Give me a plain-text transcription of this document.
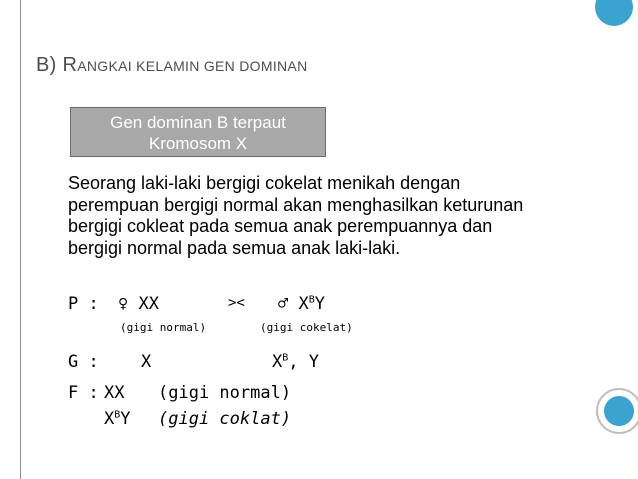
B) RANGKAI KELAMIN GEN DOMINAN
Gen dominan B terpaut
Kromosom X
Seorang laki-laki bergigi cokelat menikah dengan perempuan bergigi normal akan menghasilkan keturunan bergigi cokleat pada semua anak perempuannya dan bergigi normal pada semua anak laki-laki.
P : ♀ XX	>< ♂ $X^BY$
(gigi normal)	(gigi cokelat)
G : X	$X^B$, Y
F : XX (gigi normal)
$X^BY$ (gigi coklat)
